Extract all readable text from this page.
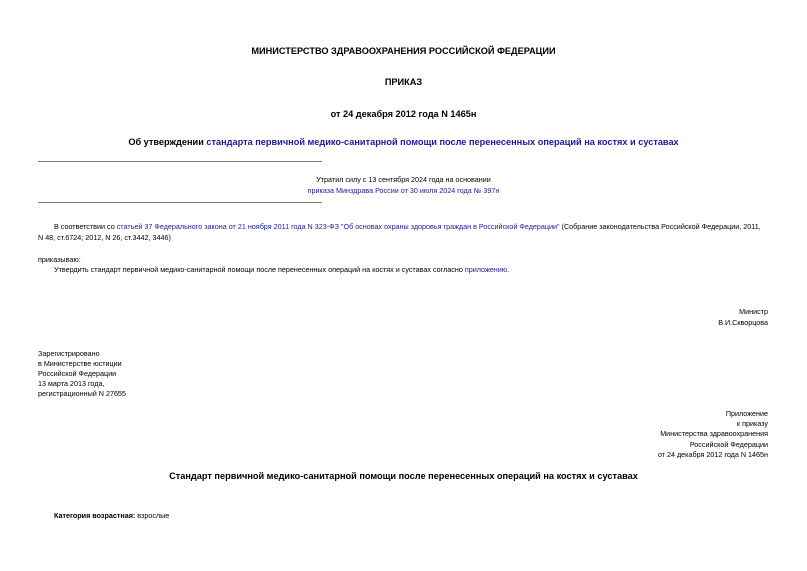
МИНИСТЕРСТВО ЗДРАВООХРАНЕНИЯ РОССИЙСКОЙ ФЕДЕРАЦИИ
ПРИКАЗ
от 24 декабря 2012 года N 1465н
Об утверждении стандарта первичной медико-санитарной помощи после перенесенных операций на костях и суставах
Утратил силу с 13 сентября 2024 года на основании
приказа Минздрава России от 30 июля 2024 года № 397н
В соответствии со статьей 37 Федерального закона от 21 ноября 2011 года N 323-ФЗ "Об основах охраны здоровья граждан в Российской Федерации" (Собрание законодательства Российской Федерации, 2011,
N 48, ст.6724; 2012, N 26, ст.3442, 3446)
приказываю:
Утвердить стандарт первичной медико-санитарной помощи после перенесенных операций на костях и суставах согласно приложению.
Министр
В.И.Скворцова
Зарегистрировано
в Министерстве юстиции
Российской Федерации
13 марта 2013 года,
регистрационный N 27655
Приложение
к приказу
Министерства здравоохранения
Российской Федерации
от 24 декабря 2012 года N 1465н
Стандарт первичной медико-санитарной помощи после перенесенных операций на костях и суставах
Категория возрастная: взрослые
